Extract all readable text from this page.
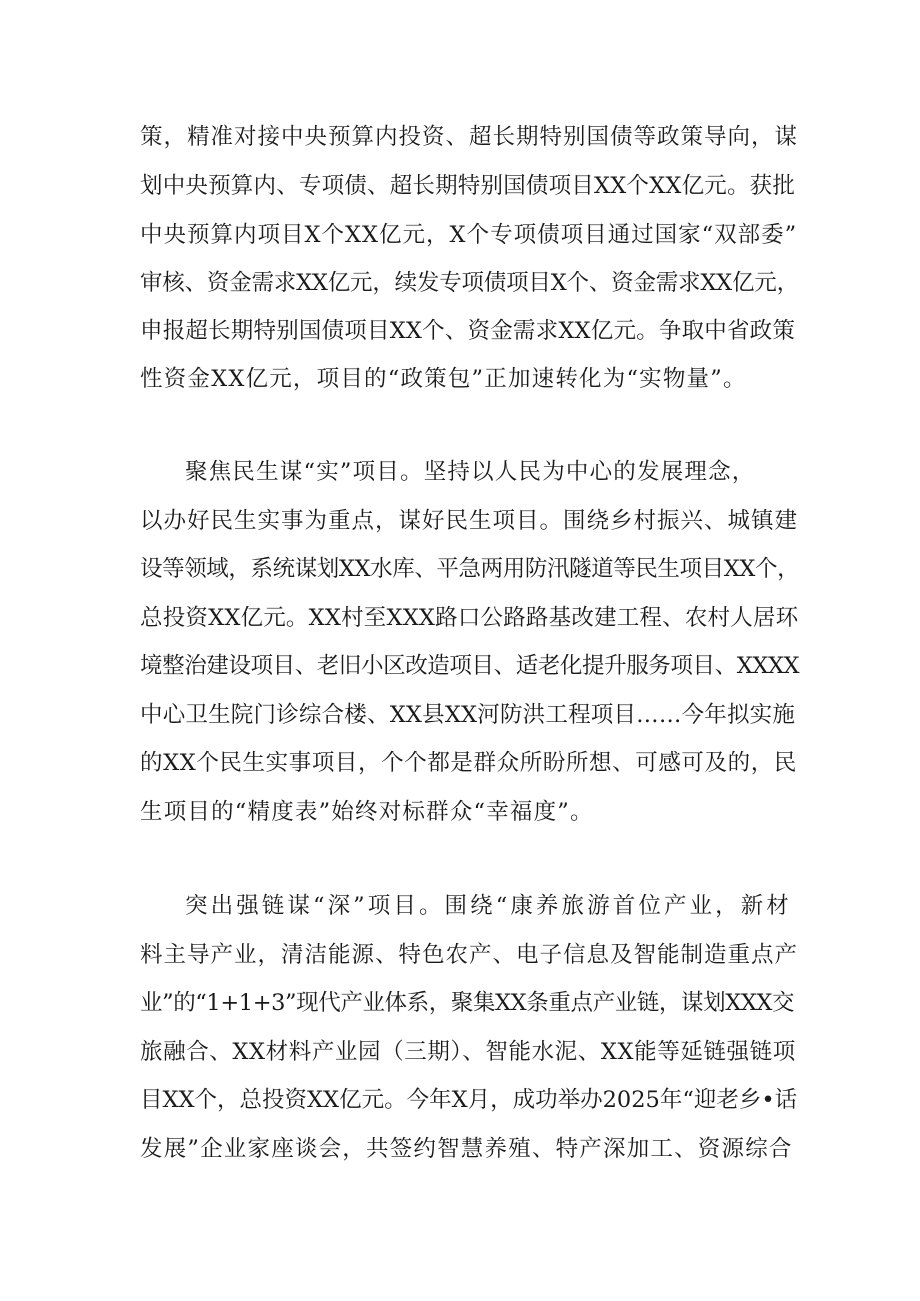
策，精准对接中央预算内投资、超长期特别国债等政策导向，谋
划中央预算内、专项债、超长期特别国债项目XX个XX亿元。获批
中央预算内项目X个XX亿元，X个专项债项目通过国家“双部委”
审核、资金需求XX亿元，续发专项债项目X个、资金需求XX亿元，
申报超长期特别国债项目XX个、资金需求XX亿元。争取中省政策
性资金XX亿元，项目的“政策包”正加速转化为“实物量”。
聚焦民生谋“实”项目。坚持以人民为中心的发展理念，
以办好民生实事为重点，谋好民生项目。围绕乡村振兴、城镇建
设等领域，系统谋划XX水库、平急两用防汛隧道等民生项目XX个，
总投资XX亿元。XX村至XXX路口公路路基改建工程、农村人居环
境整治建设项目、老旧小区改造项目、适老化提升服务项目、XXXX
中心卫生院门诊综合楼、XX县XX河防洪工程项目……今年拟实施
的XX个民生实事项目，个个都是群众所盼所想、可感可及的，民
生项目的“精度表”始终对标群众“幸福度”。
突出强链谋“深”项目。围绕“康养旅游首位产业，新材
料主导产业，清洁能源、特色农产、电子信息及智能制造重点产
业”的“1+1+3”现代产业体系，聚集XX条重点产业链，谋划XXX交
旅融合、XX材料产业园（三期）、智能水泥、XX能等延链强链项
目XX个，总投资XX亿元。今年X月，成功举办2025年“迎老乡•话
发展”企业家座谈会，共签约智慧养殖、特产深加工、资源综合
